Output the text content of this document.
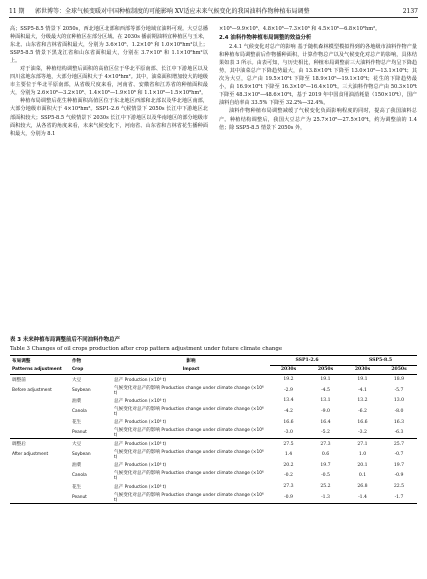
11 期 郭世博等：全球气候变暖对中国种植制度的可能影响 XV适应未来气候变化的我国油料作物种植布局调整	2137

高；SSP5-8.5 情景下 2050s，西北地区北部和西部等部分地域宜油料可观。大豆总播种面积最大，分级最大的宜种植区在部分区域。在 2030s 播前期油料宜种植区与玉米，东北、山东省和吉林省面积最大，分别为 3.6×10⁶、1.2×10⁶ 和 1.0×10⁶hm²以上；SSP5-8.5 情景下黑龙江省和山东省面积最大，分别在 3.7×10⁶ 和 1.1×10⁶hm²以上。

对于油菜，种植结构调整后面积的高值区位于华北平原南部、长江中下游地区以及四川盆地东部等地，大部分地区面积大于 4×10⁴hm²。其中，油菜面积增加较大的地级市主要位于华北平原南部，从省级尺度来看，河南省、安徽省和江苏省的种植面积最大，分别为 2.6×10⁶—3.2×10⁶、1.4×10⁶—1.9×10⁶ 和 1.1×10⁶—1.5×10⁶hm²。

种植布局调整后花生种植面积高值区位于东北地区西部和北部以及华北地区南部，大部分地级市面积大于 4×10⁴hm²。SSP1-2.6 气候情景下 2050s 长江中下游地区北部面积较大；SSP5-8.5 气候情景下 2030s 长江中下游地区以及华南地区的部分地级市面积较大，从各省的角度来看，未来气候变化下，河南省、山东省和吉林省花生播种面积最大，分别为 8.1

×10⁶—9.9×10⁶、4.8×10⁶—7.3×10⁶ 和 4.5×10⁶—6.8×10⁶hm²。

2.4 油料作物种植布局调整的效益分析

2.4.1 气候变化对总产的影响 基于随机森林模型模拟得到的各地级市油料作物产量和种植布局调整前后作物播种面积，计算作物总产以及气候变化对总产的影响，具体结果如表 3 所示。由表可知，与历史相比，种植布局调整前三大油料作物总产均呈下降趋势，其中油菜总产下降趋势最大，由 13.8×10⁶t 下降至 13.0×10⁶—13.1×10⁶t；其次为大豆，总产由 19.5×10⁶t 下降至 18.9×10⁶—19.1×10⁶t；花生的下降趋势最小，由 16.9×10⁶t 下降至 16.3×10⁶—16.4×10⁶t。三大油料作物总产由 50.3×10⁶t 下降至 48.3×10⁶—48.6×10⁶t，基于 2019 年中国食用油消耗量（150×10⁶t），国产油料自给率由 33.5% 下降至 32.2%—32.4%。

油料作物种植布局调整减缓了气候变化负面影响程度的同时，提高了我国油料总产。种植结构调整后，我国大豆总产为 25.7×10⁶—27.5×10⁶t，约为调整前的 1.4 倍；除 SSP5-8.5 情景下 2050s 外，

表 3 未来种植布局调整前后不同油料作物总产
Table 3 Changes of oil crops production after crop pattern adjustment under future climate change
布局调整	作物	影响	SSP1-2.6		SSP5-8.5	
Patterns adjustment	Crop	Impact	2030s	2050s	2030s	2050s
调整前	大豆	总产 Production (×10⁶ t)	19.2	19.1	19.1	18.9
Before adjustment	Soybean	气候变化对总产的影响 Production change under climate change (×10⁶ t)	-2.9	-4.5	-4.1	-5.7
	油菜	总产 Production (×10⁶ t)	13.4	13.1	13.2	13.0
	Canola	气候变化对总产的影响 Production change under climate change (×10⁶ t)	-4.2	-9.0	-6.2	-8.0
	花生	总产 Production (×10⁶ t)	16.6	16.4	16.6	16.3
	Peanut	气候变化对总产的影响 Production change under climate change (×10⁶ t)	-3.0	-5.2	-3.2	-6.3
调整后	大豆	总产 Production (×10⁶ t)	27.5	27.3	27.1	25.7
After adjustment	Soybean	气候变化对总产的影响 Production change under climate change (×10⁶ t)	1.4	0.6	1.0	-0.7
	油菜	总产 Production (×10⁶ t)	20.2	19.7	20.1	19.7
	Canola	气候变化对总产的影响 Production change under climate change (×10⁶ t)	-0.2	-0.5	0.1	-0.9
	花生	总产 Production (×10⁶ t)	27.3	25.2	26.8	22.5
	Peanut	气候变化对总产的影响 Production change under climate change (×10⁶ t)	-0.9	-1.3	-1.4	-1.7
